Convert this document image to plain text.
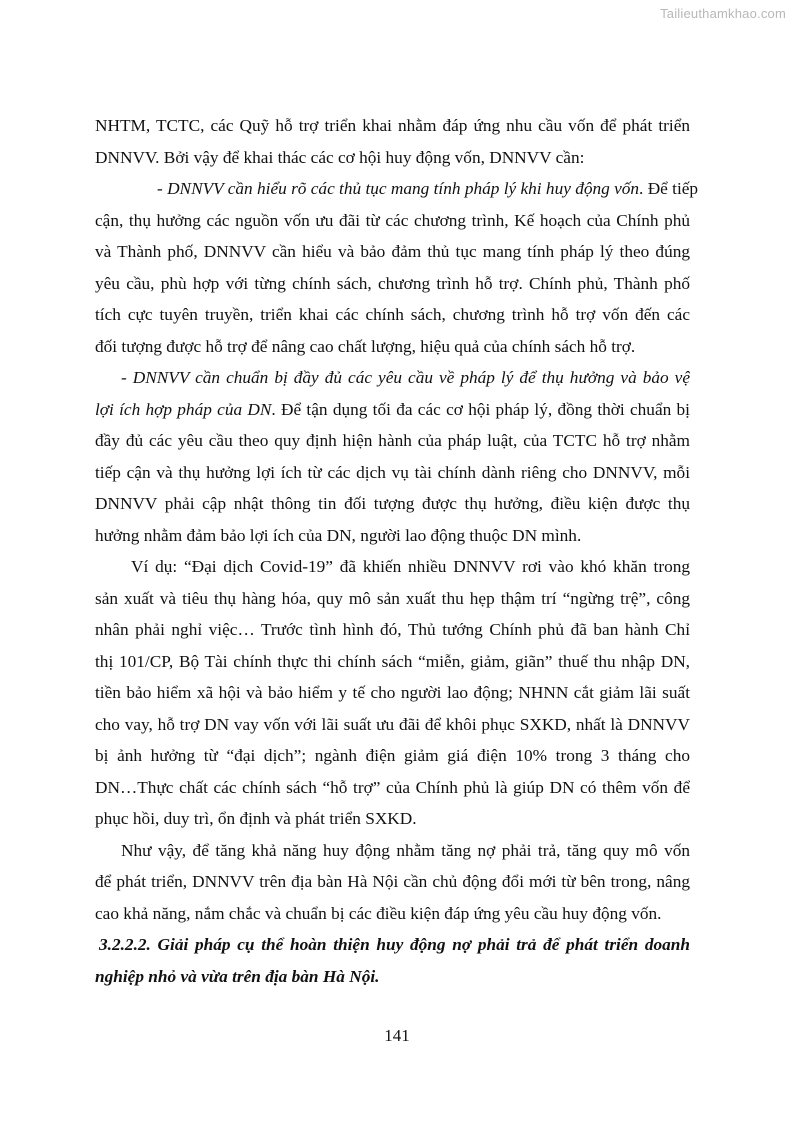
Tailieuthamkhao.com
NHTM, TCTC, các Quỹ hỗ trợ triển khai nhằm đáp ứng nhu cầu vốn để phát triển
DNNVV. Bởi vậy để khai thác các cơ hội huy động vốn, DNNVV cần:
- DNNVV cần hiểu rõ các thủ tục mang tính pháp lý khi huy động vốn. Để tiếp
cận, thụ hưởng các nguồn vốn ưu đãi từ các chương trình, Kế hoạch của Chính phủ
và Thành phố, DNNVV cần hiểu và bảo đảm thủ tục mang tính pháp lý theo đúng
yêu cầu, phù hợp với từng chính sách, chương trình hỗ trợ. Chính phủ, Thành phố
tích cực tuyên truyền, triển khai các chính sách, chương trình hỗ trợ vốn đến các
đối tượng được hỗ trợ để nâng cao chất lượng, hiệu quả của chính sách hỗ trợ.
- DNNVV cần chuẩn bị đầy đủ các yêu cầu về pháp lý để thụ hưởng và bảo vệ
lợi ích hợp pháp của DN. Để tận dụng tối đa các cơ hội pháp lý, đồng thời chuẩn bị
đầy đủ các yêu cầu theo quy định hiện hành của pháp luật, của TCTC hỗ trợ nhằm
tiếp cận và thụ hưởng lợi ích từ các dịch vụ tài chính dành riêng cho DNNVV, mỗi
DNNVV phải cập nhật thông tin đối tượng được thụ hưởng, điều kiện được thụ
hưởng nhằm đảm bảo lợi ích của DN, người lao động thuộc DN mình.
Ví dụ: “Đại dịch Covid-19” đã khiến nhiều DNNVV rơi vào khó khăn trong
sản xuất và tiêu thụ hàng hóa, quy mô sản xuất thu hẹp thậm trí “ngừng trệ”, công
nhân phải nghỉ việc… Trước tình hình đó, Thủ tướng Chính phủ đã ban hành Chỉ
thị 101/CP, Bộ Tài chính thực thi chính sách “miễn, giảm, giãn” thuế thu nhập DN,
tiền bảo hiểm xã hội và bảo hiểm y tế cho người lao động; NHNN cắt giảm lãi suất
cho vay, hỗ trợ DN vay vốn với lãi suất ưu đãi để khôi phục SXKD, nhất là DNNVV
bị ảnh hưởng từ “đại dịch”; ngành điện giảm giá điện 10% trong 3 tháng cho
DN…Thực chất các chính sách “hỗ trợ” của Chính phủ là giúp DN có thêm vốn để
phục hồi, duy trì, ổn định và phát triển SXKD.
Như vậy, để tăng khả năng huy động nhằm tăng nợ phải trả, tăng quy mô vốn
để phát triển, DNNVV trên địa bàn Hà Nội cần chủ động đổi mới từ bên trong, nâng
cao khả năng, nắm chắc và chuẩn bị các điều kiện đáp ứng yêu cầu huy động vốn.
3.2.2.2. Giải pháp cụ thể hoàn thiện huy động nợ phải trả để phát triển doanh
nghiệp nhỏ và vừa trên địa bàn Hà Nội.
141
